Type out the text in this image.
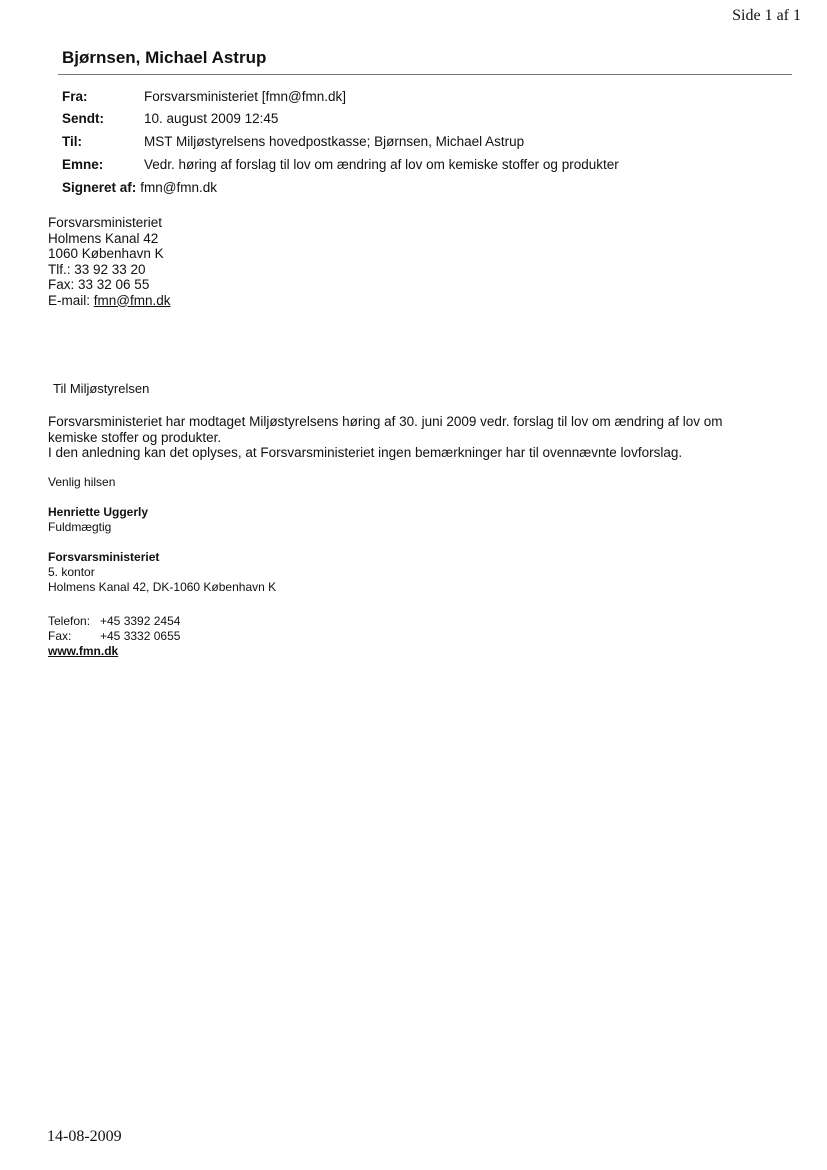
Side 1 af 1
Bjørnsen, Michael Astrup
Fra:	Forsvarsministeriet [fmn@fmn.dk]
Sendt:	10. august 2009 12:45
Til:	MST Miljøstyrelsens hovedpostkasse; Bjørnsen, Michael Astrup
Emne:	Vedr. høring af forslag til lov om ændring af lov om kemiske stoffer og produkter
Signeret af: fmn@fmn.dk
Forsvarsministeriet
Holmens Kanal 42
1060 København K
Tlf.: 33 92 33 20
Fax: 33 32 06 55
E-mail: fmn@fmn.dk
Til Miljøstyrelsen
Forsvarsministeriet har modtaget Miljøstyrelsens høring af 30. juni 2009 vedr. forslag til lov om ændring af lov om
kemiske stoffer og produkter.
I den anledning kan det oplyses, at Forsvarsministeriet ingen bemærkninger har til ovennævnte lovforslag.
Venlig hilsen
Henriette Uggerly
Fuldmægtig
Forsvarsministeriet
5. kontor
Holmens Kanal 42, DK-1060 København K
Telefon: +45 3392 2454
Fax: +45 3332 0655
www.fmn.dk
14-08-2009
